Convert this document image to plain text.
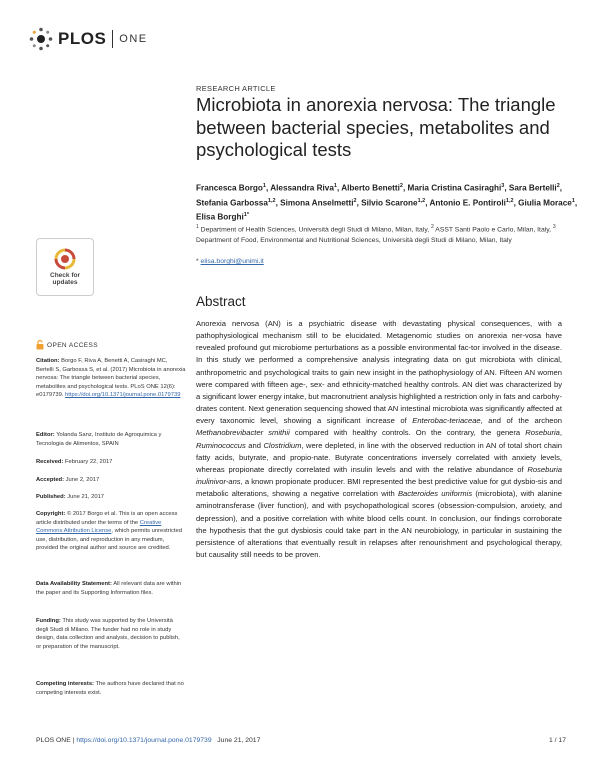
PLOS ONE
RESEARCH ARTICLE
Microbiota in anorexia nervosa: The triangle between bacterial species, metabolites and psychological tests
Francesca Borgo$^1$, Alessandra Riva$^1$, Alberto Benetti$^2$, Maria Cristina Casiraghi$^3$, Sara Bertelli$^2$, Stefania Garbossa$^{1,2}$, Simona Anselmetti$^2$, Silvio Scarone$^{1,2}$, Antonio E. Pontiroli$^{1,2}$, Giulia Morace$^1$, Elisa Borghi$^{1*}$
$^1$ Department of Health Sciences, Università degli Studi di Milano, Milan, Italy, $^2$ ASST Santi Paolo e Carlo, Milan, Italy, $^3$ Department of Food, Environmental and Nutritional Sciences, Università degli Studi di Milano, Milan, Italy
* elisa.borghi@unimi.it
Abstract
Anorexia nervosa (AN) is a psychiatric disease with devastating physical consequences, with a pathophysiological mechanism still to be elucidated. Metagenomic studies on anorexia ner-vosa have revealed profound gut microbiome perturbations as a possible environmental fac-tor involved in the disease. In this study we performed a comprehensive analysis integrating data on gut microbiota with clinical, anthropometric and psychological traits to gain new insight in the pathophysiology of AN. Fifteen AN women were compared with fifteen age-, sex- and ethnicity-matched healthy controls. AN diet was characterized by a significant lower energy intake, but macronutrient analysis highlighted a restriction only in fats and carbohy-drates content. Next generation sequencing showed that AN intestinal microbiota was significantly affected at every taxonomic level, showing a significant increase of Enterobac-teriaceae, and of the archeon Methanobrevibacter smithii compared with healthy controls. On the contrary, the genera Roseburia, Ruminococcus and Clostridium, were depleted, in line with the observed reduction in AN of total short chain fatty acids, butyrate, and propio-nate. Butyrate concentrations inversely correlated with anxiety levels, whereas propionate directly correlated with insulin levels and with the relative abundance of Roseburia inulinivor-ans, a known propionate producer. BMI represented the best predictive value for gut dysbio-sis and metabolic alterations, showing a negative correlation with Bacteroides uniformis (microbiota), with alanine aminotransferase (liver function), and with psychopathological scores (obsession-compulsion, anxiety, and depression), and a positive correlation with white blood cells count. In conclusion, our findings corroborate the hypothesis that the gut dysbiosis could take part in the AN neurobiology, in particular in sustaining the persistence of alterations that eventually result in relapses after renourishment and psychological therapy, but causality still needs to be proven.
Check for
updates
OPEN ACCESS
Citation: Borgo F, Riva A, Benetti A, Casiraghi MC, Bertelli S, Garbossa S, et al. (2017) Microbiota in anorexia nervosa: The triangle between bacterial species, metabolites and psychological tests. PLoS ONE 12(6): e0179739. https://doi.org/10.1371/journal.pone.0179739
Editor: Yolanda Sanz, Instituto de Agroquimica y Tecnologia de Alimentos, SPAIN
Received: February 22, 2017
Accepted: June 2, 2017
Published: June 21, 2017
Copyright: © 2017 Borgo et al. This is an open access article distributed under the terms of the Creative Commons Attribution License, which permits unrestricted use, distribution, and reproduction in any medium, provided the original author and source are credited.
Data Availability Statement: All relevant data are within the paper and its Supporting Information files.
Funding: This study was supported by the Università degli Studi di Milano. The funder had no role in study design, data collection and analysis, decision to publish, or preparation of the manuscript.
Competing interests: The authors have declared that no competing interests exist.
PLOS ONE | https://doi.org/10.1371/journal.pone.0179739 June 21, 2017	1 / 17
